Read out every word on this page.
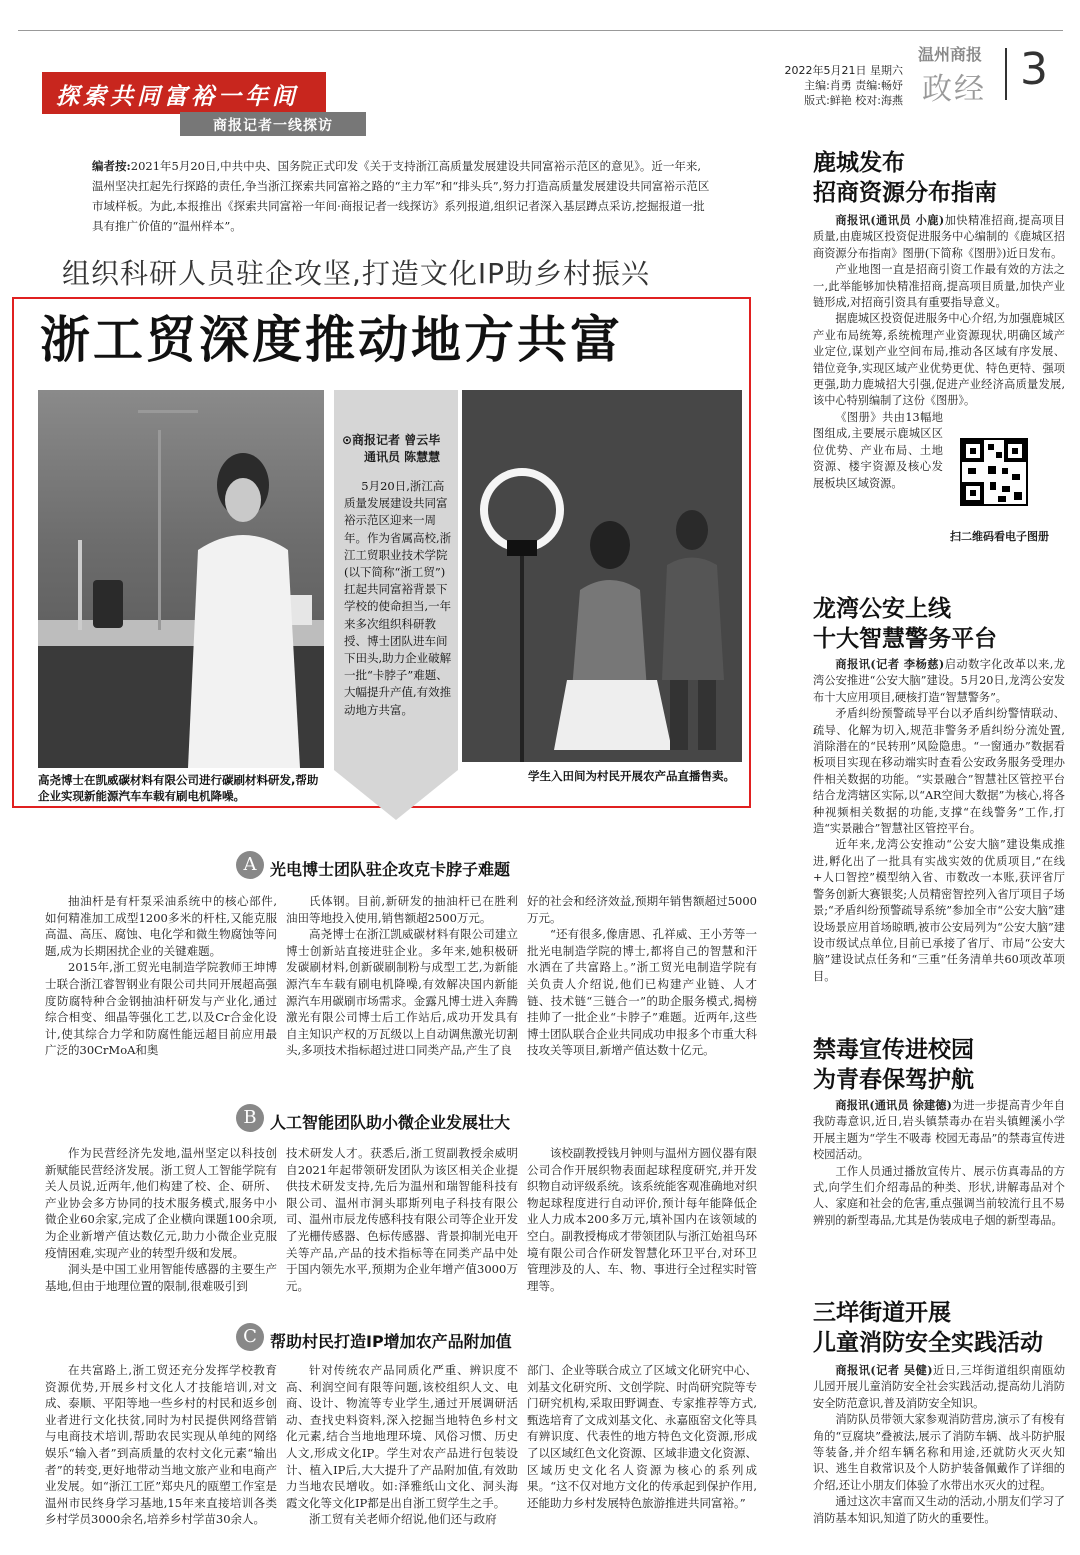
探索共同富裕一年间
商报记者一线探访
2022年5月21日 星期六
主编:肖勇 责编:畅妤
版式:鲜艳 校对:海燕
温州商报
政经 3
编者按:2021年5月20日,中共中央、国务院正式印发《关于支持浙江高质量发展建设共同富裕示范区的意见》。近一年来,温州坚决扛起先行探路的责任,争当浙江探索共同富裕之路的“主力军”和“排头兵”,努力打造高质量发展建设共同富裕示范区市域样板。为此,本报推出《探索共同富裕一年间·商报记者一线探访》系列报道,组织记者深入基层蹲点采访,挖掘报道一批具有推广价值的“温州样本”。
组织科研人员驻企攻坚,打造文化IP助乡村振兴
浙工贸深度推动地方共富
⊙商报记者 曾云毕
通讯员 陈慧慧
5月20日,浙江高质量发展建设共同富裕示范区迎来一周年。作为省属高校,浙江工贸职业技术学院(以下简称“浙工贸”)扛起共同富裕背景下学校的使命担当,一年来多次组织科研教授、博士团队进车间下田头,助力企业破解一批“卡脖子”难题、大幅提升产值,有效推动地方共富。
高尧博士在凯威碳材料有限公司进行碳刷材料研发,帮助企业实现新能源汽车车载有刷电机降噪。
学生入田间为村民开展农产品直播售卖。
A 光电博士团队驻企攻克卡脖子难题

抽油杆是有杆泵采油系统中的核心部件,如何精准加工成型1200多米的杆柱,又能克服高温、高压、腐蚀、电化学和微生物腐蚀等问题,成为长期困扰企业的关键难题。

2015年,浙工贸光电制造学院教师王坤博士联合浙江睿智钢业有限公司共同开展超高强度防腐特种合金钢抽油杆研发与产业化,通过综合相变、细晶等强化工艺,以及Cr合金化设计,使其综合力学和防腐性能远超目前应用最广泛的30CrMoA和奥

氏体钢。目前,新研发的抽油杆已在胜利油田等地投入使用,销售额超2500万元。

高尧博士在浙江凯威碳材料有限公司建立博士创新站直接进驻企业。多年来,她积极研发碳刷材料,创新碳刷制粉与成型工艺,为新能源汽车车载有刷电机降噪,有效解决国内新能源汽车用碳刷市场需求。金露凡博士进入奔腾激光有限公司博士后工作站后,成功开发具有自主知识产权的万瓦级以上自动调焦激光切割头,多项技术指标超过进口同类产品,产生了良

好的社会和经济效益,预期年销售额超过5000万元。

“还有很多,像唐恩、孔祥威、王小芳等一批光电制造学院的博士,都将自己的智慧和汗水洒在了共富路上。”浙工贸光电制造学院有关负责人介绍说,他们已构建产业链、人才链、技术链“三链合一”的助企服务模式,揭榜挂帅了一批企业“卡脖子”难题。近两年,这些博士团队联合企业共同成功申报多个市重大科技攻关等项目,新增产值达数十亿元。

B 人工智能团队助小微企业发展壮大

作为民营经济先发地,温州坚定以科技创新赋能民营经济发展。浙工贸人工智能学院有关人员说,近两年,他们构建了校、企、研所、产业协会多方协同的技术服务模式,服务中小微企业60余家,完成了企业横向课题100余项,为企业新增产值达数亿元,助力小微企业克服疫情困难,实现产业的转型升级和发展。

洞头是中国工业用智能传感器的主要生产基地,但由于地理位置的限制,很难吸引到

技术研发人才。获悉后,浙工贸副教授余威明自2021年起带领研发团队为该区相关企业提供技术研发支持,先后为温州和瑞智能科技有限公司、温州市洞头耶斯列电子科技有限公司、温州市辰龙传感科技有限公司等企业开发了光栅传感器、色标传感器、背景抑制光电开关等产品,产品的技术指标等在同类产品中处于国内领先水平,预期为企业年增产值3000万元。

该校副教授钱月钟则与温州方圆仪器有限公司合作开展织物表面起球程度研究,并开发织物自动评级系统。该系统能客观准确地对织物起球程度进行自动评价,预计每年能降低企业人力成本200多万元,填补国内在该领域的空白。副教授梅成才带领团队与浙江始祖鸟环境有限公司合作研发智慧化环卫平台,对环卫管理涉及的人、车、物、事进行全过程实时管理等。

C 帮助村民打造IP增加农产品附加值

在共富路上,浙工贸还充分发挥学校教育资源优势,开展乡村文化人才技能培训,对文成、泰顺、平阳等地一些乡村的村民和返乡创业者进行文化扶贫,同时为村民提供网络营销与电商技术培训,帮助农民实现从单纯的网络娱乐“输入者”到高质量的农村文化元素“输出者”的转变,更好地带动当地文旅产业和电商产业发展。如“浙江工匠”郑央凡的瓯塑工作室是温州市民终身学习基地,15年来直接培训各类乡村学员3000余名,培养乡村学苗30余人。

针对传统农产品同质化严重、辨识度不高、利润空间有限等问题,该校组织人文、电商、设计、物流等专业学生,通过开展调研活动、查找史料资料,深入挖掘当地特色乡村文化元素,结合当地地理环境、风俗习惯、历史人文,形成文化IP。学生对农产品进行包装设计、植入IP后,大大提升了产品附加值,有效助力当地农民增收。如:泽雅纸山文化、洞头海霞文化等文化IP都是出自浙工贸学生之手。

浙工贸有关老师介绍说,他们还与政府

部门、企业等联合成立了区域文化研究中心、刘基文化研究所、文创学院、时尚研究院等专门研究机构,采取田野调查、专家推荐等方式,甄选培育了文成刘基文化、永嘉瓯窑文化等具有辨识度、代表性的地方特色文化资源,形成了以区域红色文化资源、区域非遗文化资源、区域历史文化名人资源为核心的系列成果。“这不仅对地方文化的传承起到保护作用,还能助力乡村发展特色旅游推进共同富裕。”

鹿城发布
招商资源分布指南

商报讯(通讯员 小鹿)加快精准招商,提高项目质量,由鹿城区投资促进服务中心编制的《鹿城区招商资源分布指南》图册(下简称《图册》)近日发布。

产业地图一直是招商引资工作最有效的方法之一,此举能够加快精准招商,提高项目质量,加快产业链形成,对招商引资具有重要指导意义。

据鹿城区投资促进服务中心介绍,为加强鹿城区产业布局统筹,系统梳理产业资源现状,明确区域产业定位,谋划产业空间布局,推动各区域有序发展、错位竞争,实现区域产业优势更优、特色更特、强项更强,助力鹿城招大引强,促进产业经济高质量发展,该中心特别编制了这份《图册》。

《图册》共由13幅地图组成,主要展示鹿城区区位优势、产业布局、土地资源、楼宇资源及核心发展板块区域资源。

扫二维码看电子图册
龙湾公安上线
十大智慧警务平台

商报讯(记者 李杨慈)启动数字化改革以来,龙湾公安推进“公安大脑”建设。5月20日,龙湾公安发布十大应用项目,硬核打造“智慧警务”。

矛盾纠纷预警疏导平台以矛盾纠纷警情联动、疏导、化解为切入,规范非警务矛盾纠纷分流处置,消除潜在的“民转刑”风险隐患。“一窗通办”数据看板项目实现在移动端实时查看公安政务服务受理办件相关数据的功能。“实景融合”智慧社区管控平台结合龙湾辖区实际,以“AR空间大数据”为核心,将各种视频相关数据的功能,支撑“在线警务”工作,打造“实景融合”智慧社区管控平台。

近年来,龙湾公安推动“公安大脑”建设集成推进,孵化出了一批具有实战实效的优质项目,“在线+人口智控”模型纳入省、市数改一本账,获评省厅警务创新大赛银奖;人员精密智控列入省厅项目子场景;“矛盾纠纷预警疏导系统”参加全市“公安大脑”建设场景应用首场晾晒,被市公安局列为“公安大脑”建设市级试点单位,目前已承接了省厅、市局“公安大脑”建设试点任务和“三重”任务清单共60项改革项目。

禁毒宣传进校园
为青春保驾护航

商报讯(通讯员 徐建德)为进一步提高青少年自我防毒意识,近日,岩头镇禁毒办在岩头镇鲤溪小学开展主题为“学生不吸毒 校园无毒品”的禁毒宣传进校园活动。

工作人员通过播放宣传片、展示仿真毒品的方式,向学生们介绍毒品的种类、形状,讲解毒品对个人、家庭和社会的危害,重点强调当前较流行且不易辨别的新型毒品,尤其是伪装成电子烟的新型毒品。

三垟街道开展
儿童消防安全实践活动

商报讯(记者 吴健)近日,三垟街道组织南瓯幼儿园开展儿童消防安全社会实践活动,提高幼儿消防安全防范意识,普及消防安全知识。

消防队员带领大家参观消防营房,演示了有梭有角的“豆腐块”叠被法,展示了消防车辆、战斗防护服等装备,并介绍车辆名称和用途,还就防火灭火知识、逃生自救常识及个人防护装备佩戴作了详细的介绍,还让小朋友们体验了水带出水灭火的过程。

通过这次丰富而又生动的活动,小朋友们学习了消防基本知识,知道了防火的重要性。
